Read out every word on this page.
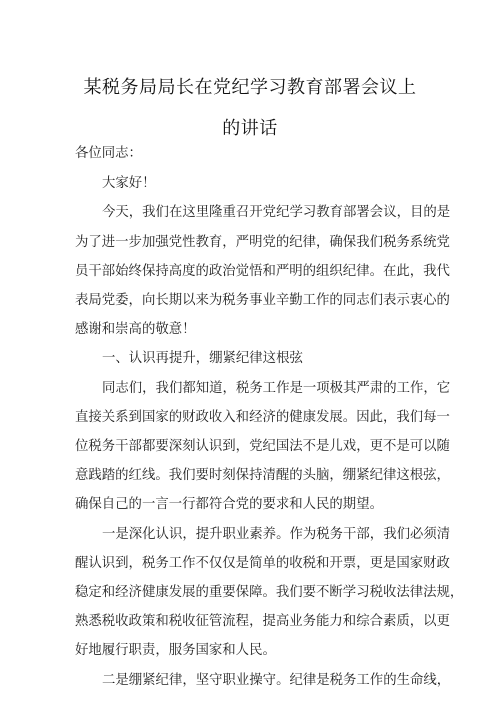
某税务局局长在党纪学习教育部署会议上
的讲话
各位同志：
大家好！
今天，我们在这里隆重召开党纪学习教育部署会议，目的是
为了进一步加强党性教育，严明党的纪律，确保我们税务系统党
员干部始终保持高度的政治觉悟和严明的组织纪律。在此，我代
表局党委，向长期以来为税务事业辛勤工作的同志们表示衷心的
感谢和崇高的敬意！
一、认识再提升，绷紧纪律这根弦
同志们，我们都知道，税务工作是一项极其严肃的工作，它
直接关系到国家的财政收入和经济的健康发展。因此，我们每一
位税务干部都要深刻认识到，党纪国法不是儿戏，更不是可以随
意践踏的红线。我们要时刻保持清醒的头脑，绷紧纪律这根弦，
确保自己的一言一行都符合党的要求和人民的期望。
一是深化认识，提升职业素养。作为税务干部，我们必须清
醒认识到，税务工作不仅仅是简单的收税和开票，更是国家财政
稳定和经济健康发展的重要保障。我们要不断学习税收法律法规，
熟悉税收政策和税收征管流程，提高业务能力和综合素质，以更
好地履行职责，服务国家和人民。
二是绷紧纪律，坚守职业操守。纪律是税务工作的生命线，
